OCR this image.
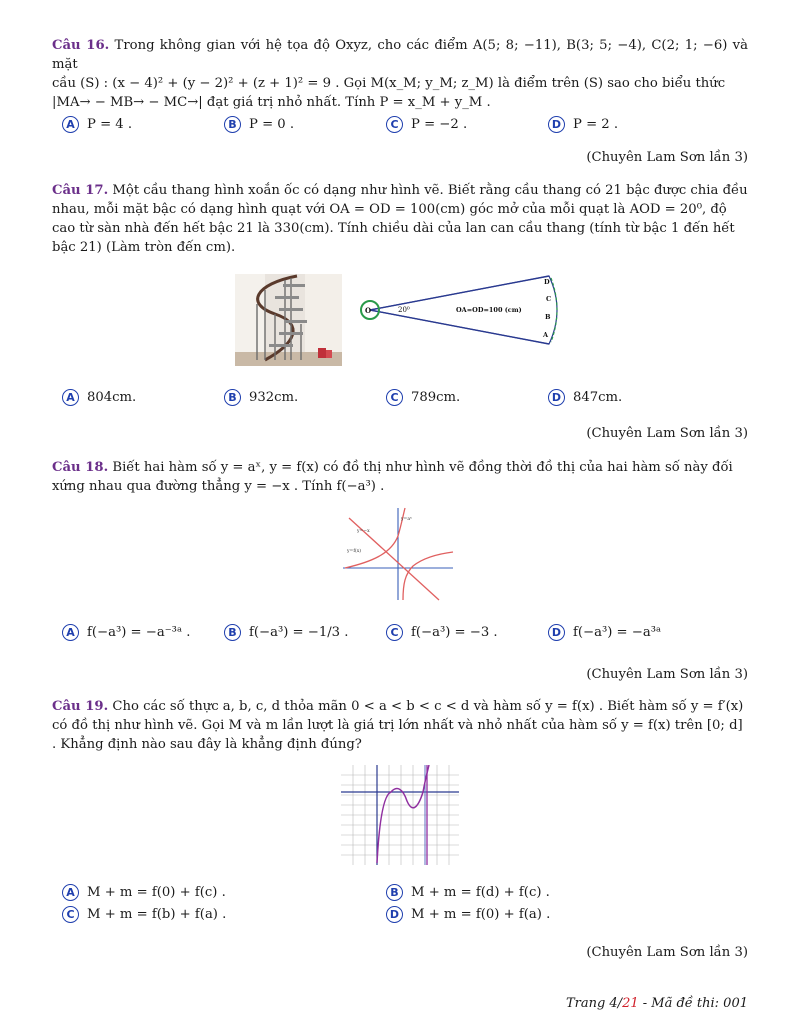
Câu 16. Trong không gian với hệ tọa độ Oxyz, cho các điểm A(5; 8; −11), B(3; 5; −4), C(2; 1; −6) và mặt
cầu (S) : (x − 4)² + (y − 2)² + (z + 1)² = 9 . Gọi M(x_M; y_M; z_M) là điểm trên (S) sao cho biểu thức
|MA→ − MB→ − MC→| đạt giá trị nhỏ nhất. Tính P = x_M + y_M .
A P = 4 .	B P = 0 .	C P = −2 .	D P = 2 .
(Chuyên Lam Sơn lần 3)
Câu 17. Một cầu thang hình xoắn ốc có dạng như hình vẽ. Biết rằng cầu thang có 21 bậc được chia đều
nhau, mỗi mặt bậc có dạng hình quạt với OA = OD = 100(cm) góc mở của mỗi quạt là AOD = 20⁰, độ
cao từ sàn nhà đến hết bậc 21 là 330(cm). Tính chiều dài của lan can cầu thang (tính từ bậc 1 đến hết
bậc 21) (Làm tròn đến cm).
O	20⁰	OA=OD=100 (cm)
D
C
B
A
A 804cm.	B 932cm.	C 789cm.	D 847cm.
(Chuyên Lam Sơn lần 3)
Câu 18. Biết hai hàm số y = aˣ, y = f(x) có đồ thị như hình vẽ đồng thời đồ thị của hai hàm số này đối
xứng nhau qua đường thẳng y = −x . Tính f(−a³) .
y=aˣ
y=−x
y=f(x)
A f(−a³) = −a⁻³ᵃ .	B f(−a³) = −1/3 .	C f(−a³) = −3 .	D f(−a³) = −a³ᵃ
(Chuyên Lam Sơn lần 3)
Câu 19. Cho các số thực a, b, c, d thỏa mãn 0 < a < b < c < d và hàm số y = f(x) . Biết hàm số y = f′(x)
có đồ thị như hình vẽ. Gọi M và m lần lượt là giá trị lớn nhất và nhỏ nhất của hàm số y = f(x) trên [0; d]
. Khẳng định nào sau đây là khẳng định đúng?
A M + m = f(0) + f(c) .	B M + m = f(d) + f(c) .
C M + m = f(b) + f(a) .	D M + m = f(0) + f(a) .
(Chuyên Lam Sơn lần 3)
Trang 4/21 - Mã đề thi: 001
